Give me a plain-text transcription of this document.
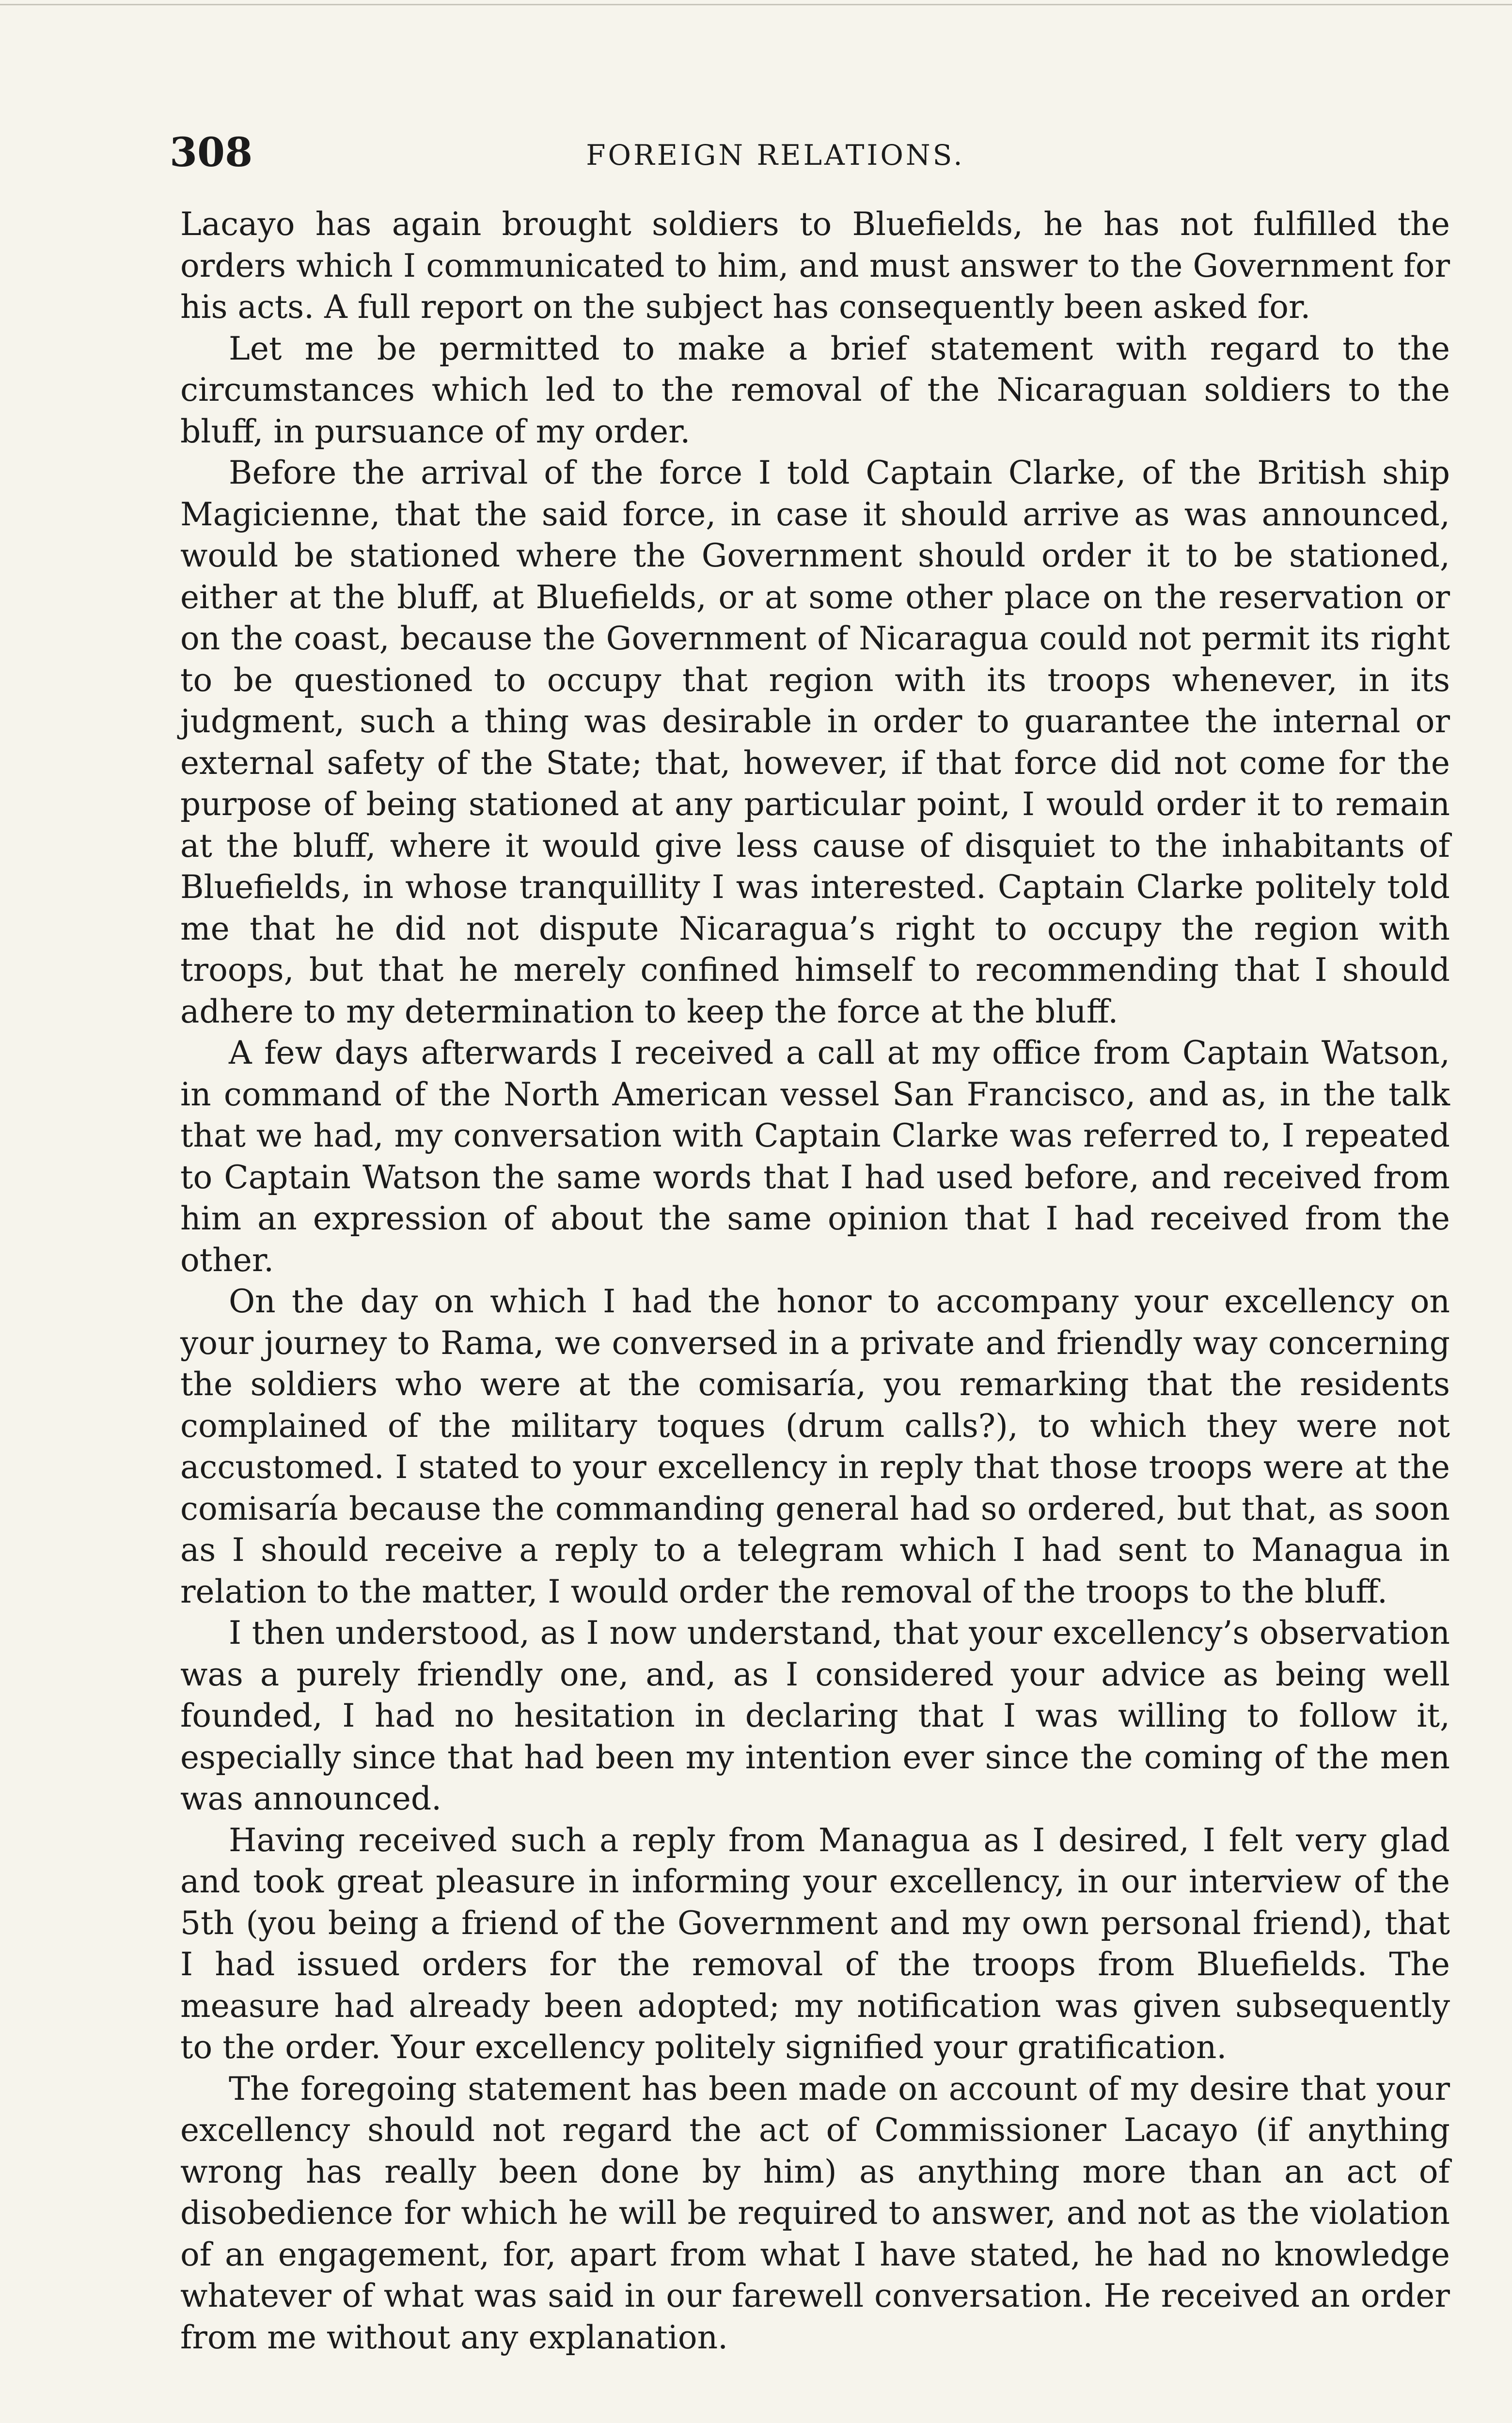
308	FOREIGN RELATIONS.

Lacayo has again brought soldiers to Bluefields, he has not fulfilled the orders which I communicated to him, and must answer to the Government for his acts. A full report on the subject has consequently been asked for.

Let me be permitted to make a brief statement with regard to the circumstances which led to the removal of the Nicaraguan soldiers to the bluff, in pursuance of my order.

Before the arrival of the force I told Captain Clarke, of the British ship Magicienne, that the said force, in case it should arrive as was announced, would be stationed where the Government should order it to be stationed, either at the bluff, at Bluefields, or at some other place on the reservation or on the coast, because the Government of Nicaragua could not permit its right to be questioned to occupy that region with its troops whenever, in its judgment, such a thing was desirable in order to guarantee the internal or external safety of the State; that, however, if that force did not come for the purpose of being stationed at any particular point, I would order it to remain at the bluff, where it would give less cause of disquiet to the inhabitants of Bluefields, in whose tranquillity I was interested. Captain Clarke politely told me that he did not dispute Nicaragua’s right to occupy the region with troops, but that he merely confined himself to recommending that I should adhere to my determination to keep the force at the bluff.

A few days afterwards I received a call at my office from Captain Watson, in command of the North American vessel San Francisco, and as, in the talk that we had, my conversation with Captain Clarke was referred to, I repeated to Captain Watson the same words that I had used before, and received from him an expression of about the same opinion that I had received from the other.

On the day on which I had the honor to accompany your excellency on your journey to Rama, we conversed in a private and friendly way concerning the soldiers who were at the comisaría, you remarking that the residents complained of the military toques (drum calls?), to which they were not accustomed. I stated to your excellency in reply that those troops were at the comisaría because the commanding general had so ordered, but that, as soon as I should receive a reply to a telegram which I had sent to Managua in relation to the matter, I would order the removal of the troops to the bluff.

I then understood, as I now understand, that your excellency’s observation was a purely friendly one, and, as I considered your advice as being well founded, I had no hesitation in declaring that I was willing to follow it, especially since that had been my intention ever since the coming of the men was announced.

Having received such a reply from Managua as I desired, I felt very glad and took great pleasure in informing your excellency, in our interview of the 5th (you being a friend of the Government and my own personal friend), that I had issued orders for the removal of the troops from Bluefields. The measure had already been adopted; my notification was given subsequently to the order. Your excellency politely signified your gratification.

The foregoing statement has been made on account of my desire that your excellency should not regard the act of Commissioner Lacayo (if anything wrong has really been done by him) as anything more than an act of disobedience for which he will be required to answer, and not as the violation of an engagement, for, apart from what I have stated, he had no knowledge whatever of what was said in our farewell conversation. He received an order from me without any explanation.
